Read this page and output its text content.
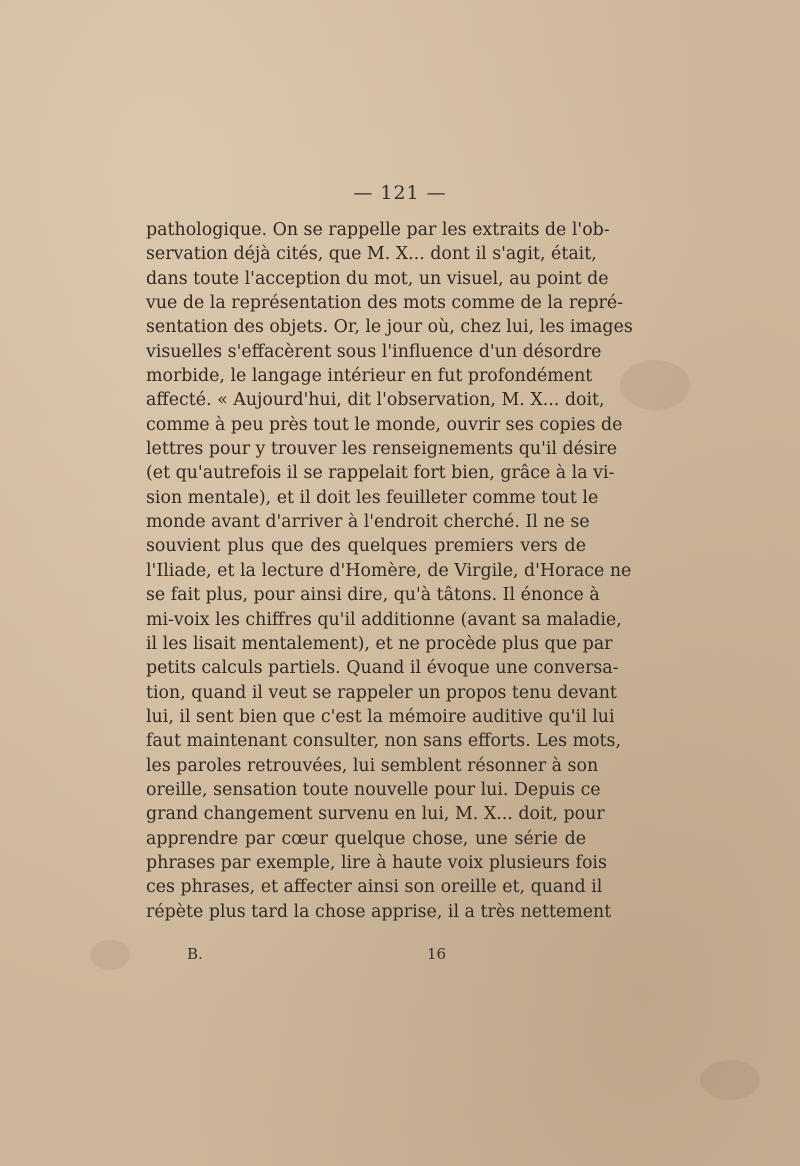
— 121 —
pathologique. On se rappelle par les extraits de l'ob-
servation déjà cités, que M. X... dont il s'agit, était,
dans toute l'acception du mot, un visuel, au point de
vue de la représentation des mots comme de la repré-
sentation des objets. Or, le jour où, chez lui, les images
visuelles s'effacèrent sous l'influence d'un désordre
morbide, le langage intérieur en fut profondément
affecté. « Aujourd'hui, dit l'observation, M. X... doit,
comme à peu près tout le monde, ouvrir ses copies de
lettres pour y trouver les renseignements qu'il désire
(et qu'autrefois il se rappelait fort bien, grâce à la vi-
sion mentale), et il doit les feuilleter comme tout le
monde avant d'arriver à l'endroit cherché. Il ne se
souvient plus que des quelques premiers vers de
l'Iliade, et la lecture d'Homère, de Virgile, d'Horace ne
se fait plus, pour ainsi dire, qu'à tâtons. Il énonce à
mi-voix les chiffres qu'il additionne (avant sa maladie,
il les lisait mentalement), et ne procède plus que par
petits calculs partiels. Quand il évoque une conversa-
tion, quand il veut se rappeler un propos tenu devant
lui, il sent bien que c'est la mémoire auditive qu'il lui
faut maintenant consulter, non sans efforts. Les mots,
les paroles retrouvées, lui semblent résonner à son
oreille, sensation toute nouvelle pour lui. Depuis ce
grand changement survenu en lui, M. X... doit, pour
apprendre par cœur quelque chose, une série de
phrases par exemple, lire à haute voix plusieurs fois
ces phrases, et affecter ainsi son oreille et, quand il
répète plus tard la chose apprise, il a très nettement
B.	16
